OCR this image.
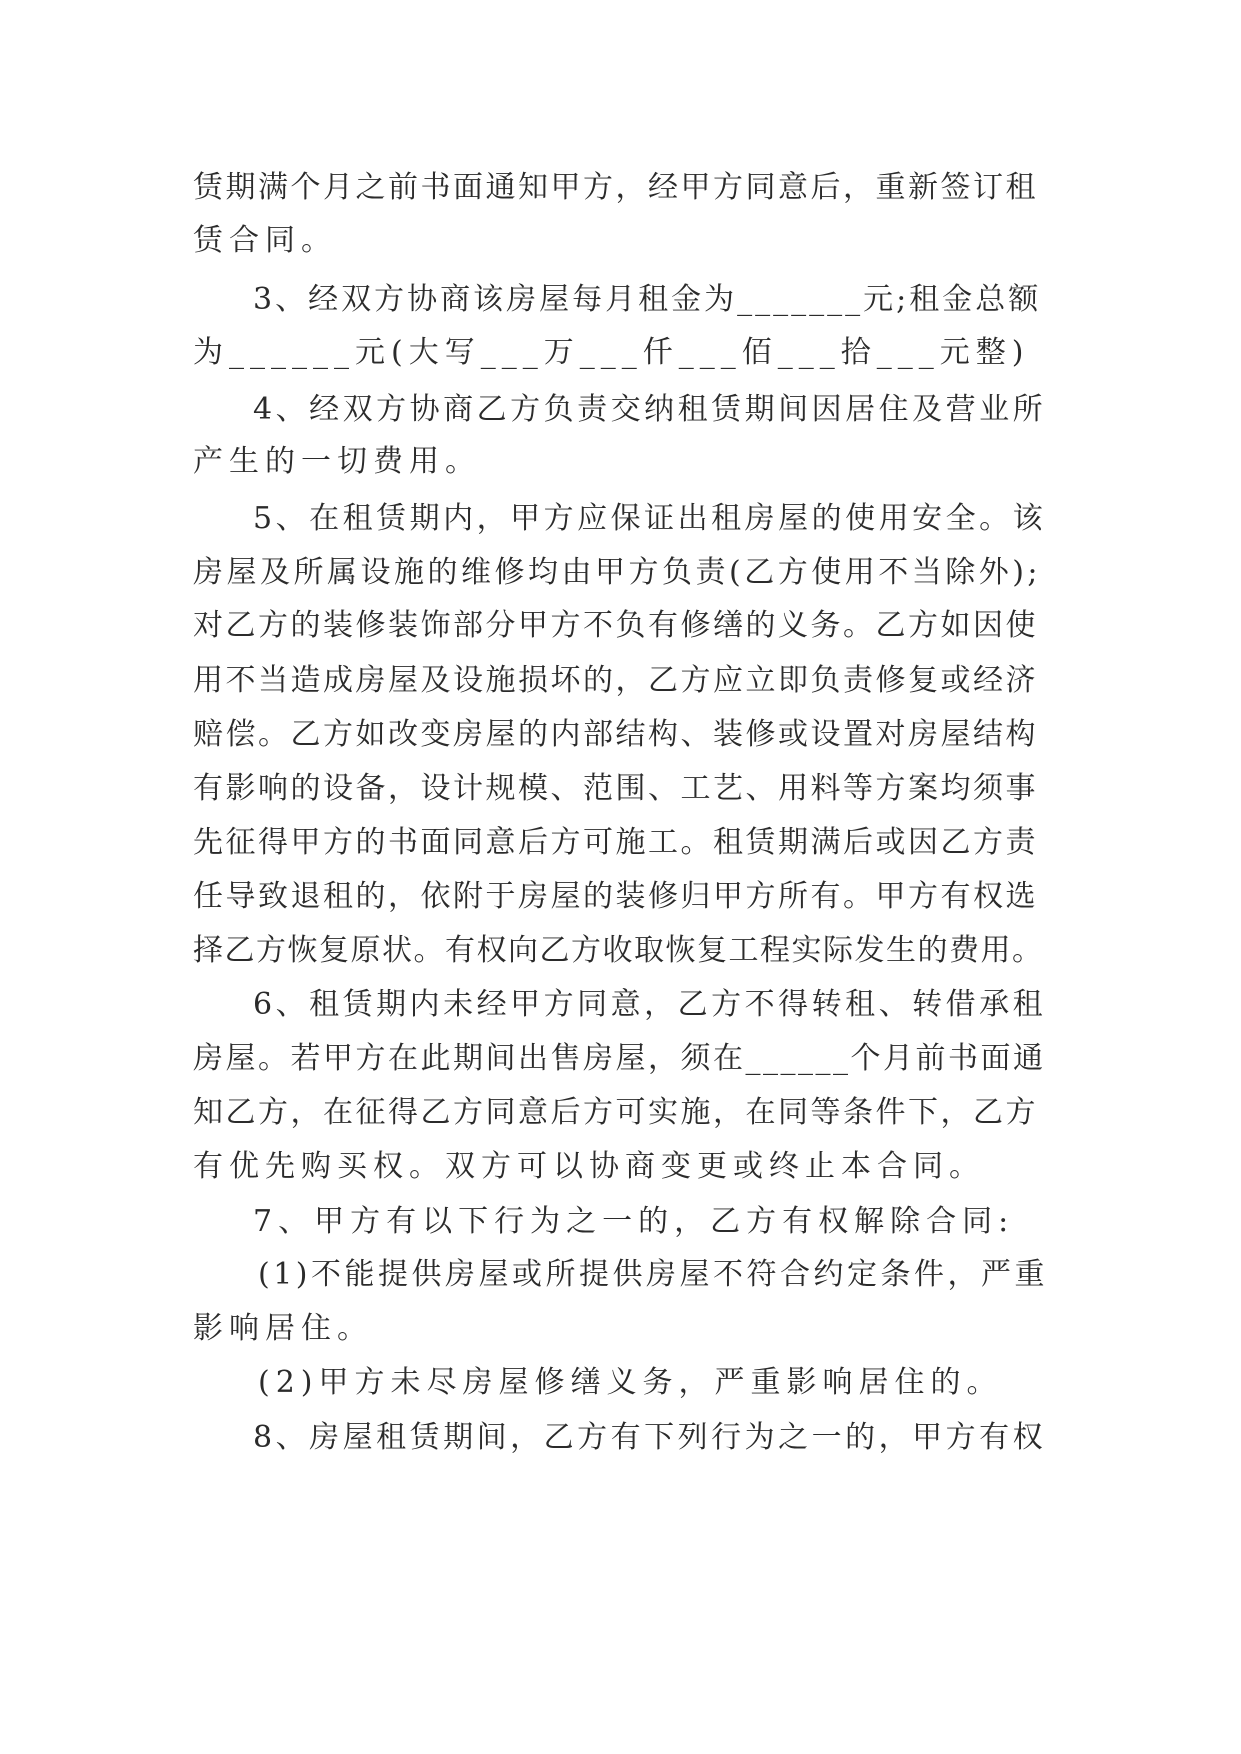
赁期满个月之前书面通知甲方，经甲方同意后，重新签订租
赁合同。
3、经双方协商该房屋每月租金为_______元;租金总额
为______元(大写___万___仟___佰___拾___元整)
4、经双方协商乙方负责交纳租赁期间因居住及营业所
产生的一切费用。
5、在租赁期内，甲方应保证出租房屋的使用安全。该
房屋及所属设施的维修均由甲方负责(乙方使用不当除外);
对乙方的装修装饰部分甲方不负有修缮的义务。乙方如因使
用不当造成房屋及设施损坏的，乙方应立即负责修复或经济
赔偿。乙方如改变房屋的内部结构、装修或设置对房屋结构
有影响的设备，设计规模、范围、工艺、用料等方案均须事
先征得甲方的书面同意后方可施工。租赁期满后或因乙方责
任导致退租的，依附于房屋的装修归甲方所有。甲方有权选
择乙方恢复原状。有权向乙方收取恢复工程实际发生的费用。
6、租赁期内未经甲方同意，乙方不得转租、转借承租
房屋。若甲方在此期间出售房屋，须在______个月前书面通
知乙方，在征得乙方同意后方可实施，在同等条件下，乙方
有优先购买权。双方可以协商变更或终止本合同。
7、甲方有以下行为之一的，乙方有权解除合同:
(1)不能提供房屋或所提供房屋不符合约定条件，严重
影响居住。
(2)甲方未尽房屋修缮义务，严重影响居住的。
8、房屋租赁期间，乙方有下列行为之一的，甲方有权
